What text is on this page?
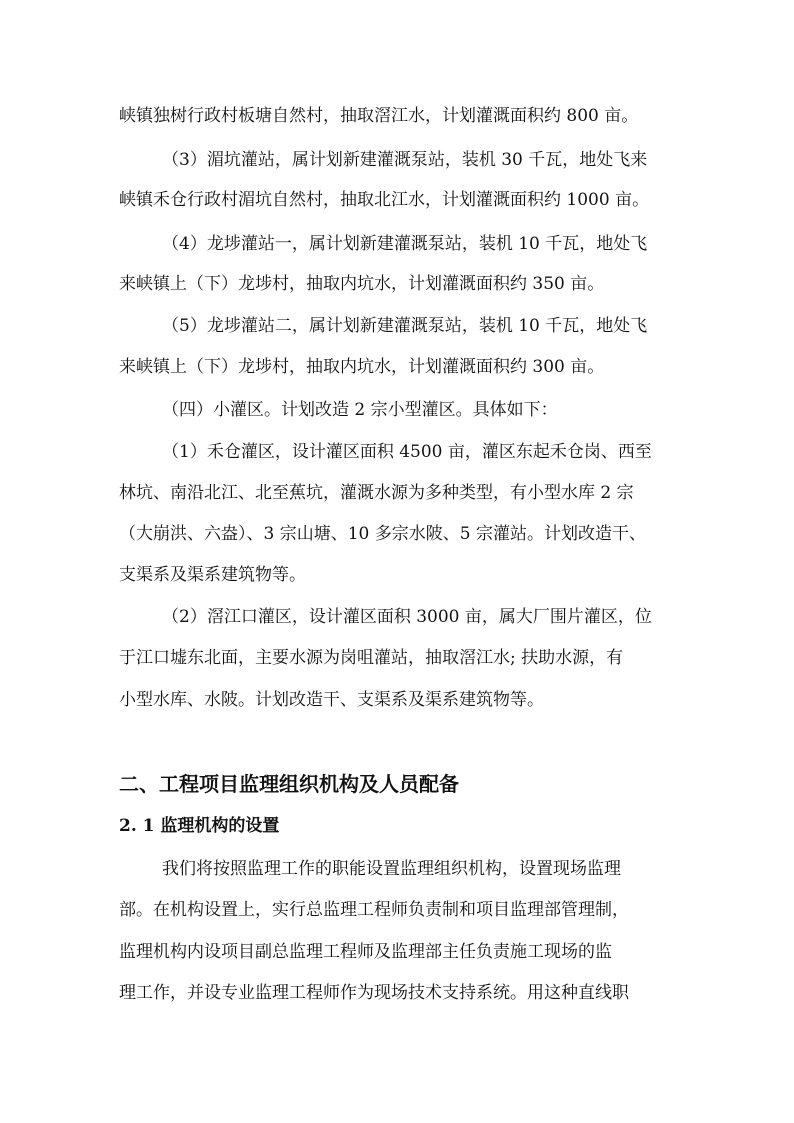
峡镇独树行政村板塘自然村，抽取滘江水，计划灌溉面积约 800 亩。
（3）湄坑灌站，属计划新建灌溉泵站，装机 30 千瓦，地处飞来
峡镇禾仓行政村湄坑自然村，抽取北江水，计划灌溉面积约 1000 亩。
（4）龙埗灌站一，属计划新建灌溉泵站，装机 10 千瓦，地处飞
来峡镇上（下）龙埗村，抽取内坑水，计划灌溉面积约 350 亩。
（5）龙埗灌站二，属计划新建灌溉泵站，装机 10 千瓦，地处飞
来峡镇上（下）龙埗村，抽取内坑水，计划灌溉面积约 300 亩。
（四）小灌区。计划改造 2 宗小型灌区。具体如下：
（1）禾仓灌区，设计灌区面积 4500 亩，灌区东起禾仓岗、西至
林坑、南沿北江、北至蕉坑，灌溉水源为多种类型，有小型水库 2 宗
（大崩洪、六盎）、3 宗山塘、10 多宗水陂、5 宗灌站。计划改造干、
支渠系及渠系建筑物等。
（2）滘江口灌区，设计灌区面积 3000 亩，属大厂围片灌区，位
于江口墟东北面，主要水源为岗咀灌站，抽取滘江水; 扶助水源，有
小型水库、水陂。计划改造干、支渠系及渠系建筑物等。
二、工程项目监理组织机构及人员配备
2. 1 监理机构的设置
我们将按照监理工作的职能设置监理组织机构，设置现场监理
部。在机构设置上，实行总监理工程师负责制和项目监理部管理制，
监理机构内设项目副总监理工程师及监理部主任负责施工现场的监
理工作，并设专业监理工程师作为现场技术支持系统。用这种直线职
